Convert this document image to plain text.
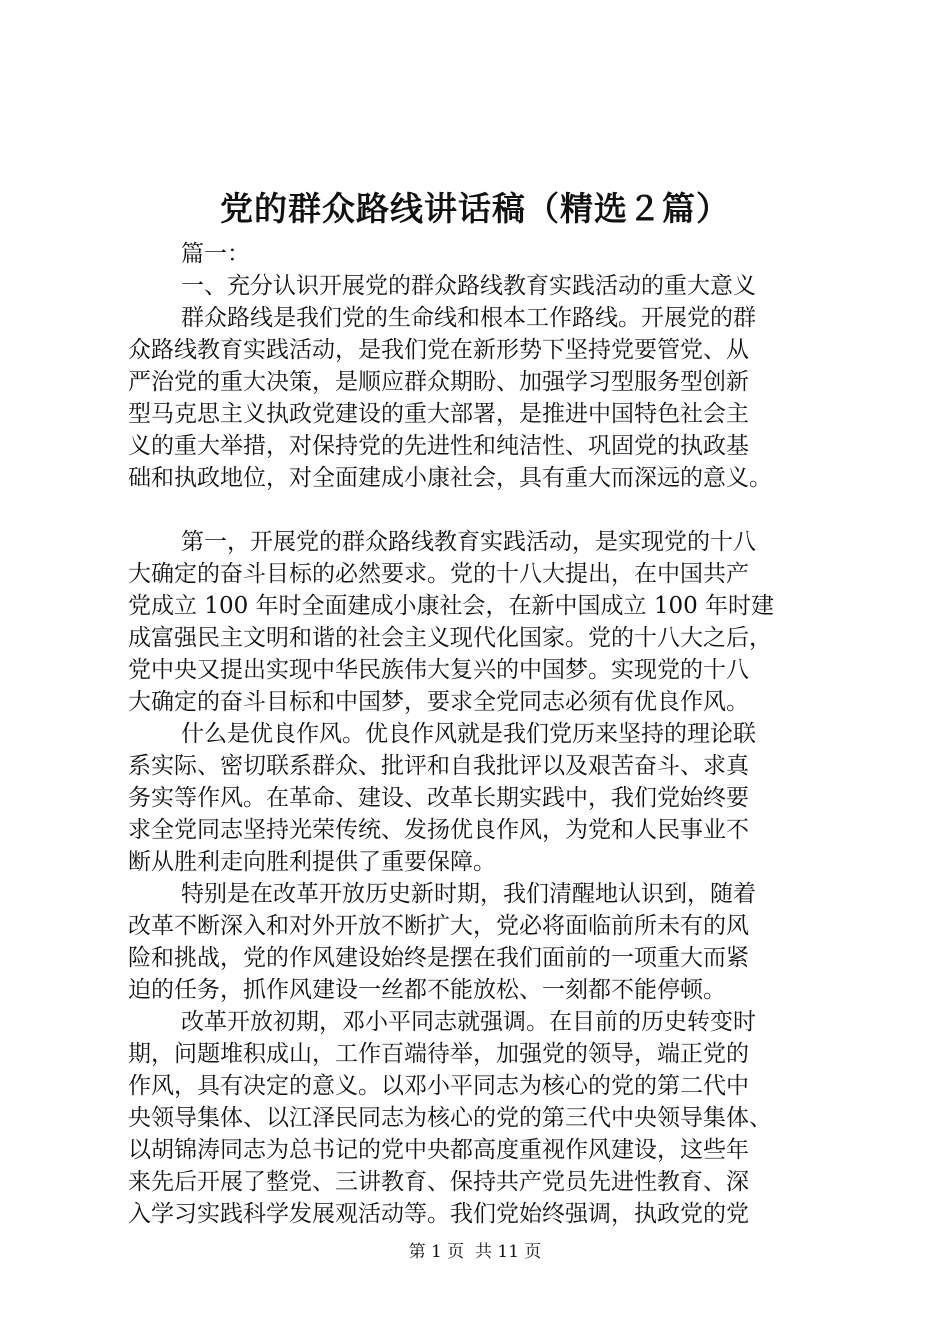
党的群众路线讲话稿（精选２篇）
篇一：
一、充分认识开展党的群众路线教育实践活动的重大意义
群众路线是我们党的生命线和根本工作路线。开展党的群
众路线教育实践活动，是我们党在新形势下坚持党要管党、从
严治党的重大决策，是顺应群众期盼、加强学习型服务型创新
型马克思主义执政党建设的重大部署，是推进中国特色社会主
义的重大举措，对保持党的先进性和纯洁性、巩固党的执政基
础和执政地位，对全面建成小康社会，具有重大而深远的意义。
第一，开展党的群众路线教育实践活动，是实现党的十八
大确定的奋斗目标的必然要求。党的十八大提出，在中国共产
党成立 100 年时全面建成小康社会，在新中国成立 100 年时建
成富强民主文明和谐的社会主义现代化国家。党的十八大之后，
党中央又提出实现中华民族伟大复兴的中国梦。实现党的十八
大确定的奋斗目标和中国梦，要求全党同志必须有优良作风。
什么是优良作风。优良作风就是我们党历来坚持的理论联
系实际、密切联系群众、批评和自我批评以及艰苦奋斗、求真
务实等作风。在革命、建设、改革长期实践中，我们党始终要
求全党同志坚持光荣传统、发扬优良作风，为党和人民事业不
断从胜利走向胜利提供了重要保障。
特别是在改革开放历史新时期，我们清醒地认识到，随着
改革不断深入和对外开放不断扩大，党必将面临前所未有的风
险和挑战，党的作风建设始终是摆在我们面前的一项重大而紧
迫的任务，抓作风建设一丝都不能放松、一刻都不能停顿。
改革开放初期，邓小平同志就强调。在目前的历史转变时
期，问题堆积成山，工作百端待举，加强党的领导，端正党的
作风，具有决定的意义。以邓小平同志为核心的党的第二代中
央领导集体、以江泽民同志为核心的党的第三代中央领导集体、
以胡锦涛同志为总书记的党中央都高度重视作风建设，这些年
来先后开展了整党、三讲教育、保持共产党员先进性教育、深
入学习实践科学发展观活动等。我们党始终强调，执政党的党
第 1 页  共 11 页
